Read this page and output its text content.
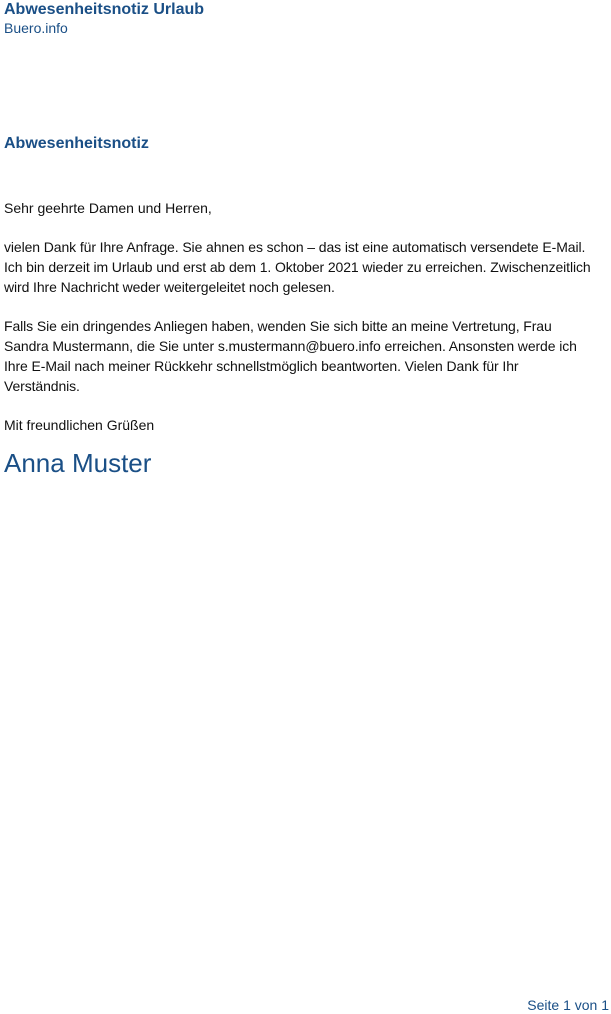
Abwesenheitsnotiz Urlaub
Buero.info
Abwesenheitsnotiz

Sehr geehrte Damen und Herren,

vielen Dank für Ihre Anfrage. Sie ahnen es schon – das ist eine automatisch versendete E-Mail. Ich bin derzeit im Urlaub und erst ab dem 1. Oktober 2021 wieder zu erreichen. Zwischenzeitlich wird Ihre Nachricht weder weitergeleitet noch gelesen.

Falls Sie ein dringendes Anliegen haben, wenden Sie sich bitte an meine Vertretung, Frau Sandra Mustermann, die Sie unter s.mustermann@buero.info erreichen. Ansonsten werde ich Ihre E-Mail nach meiner Rückkehr schnellstmöglich beantworten. Vielen Dank für Ihr Verständnis.

Mit freundlichen Grüßen

Anna Muster
Seite 1 von 1
